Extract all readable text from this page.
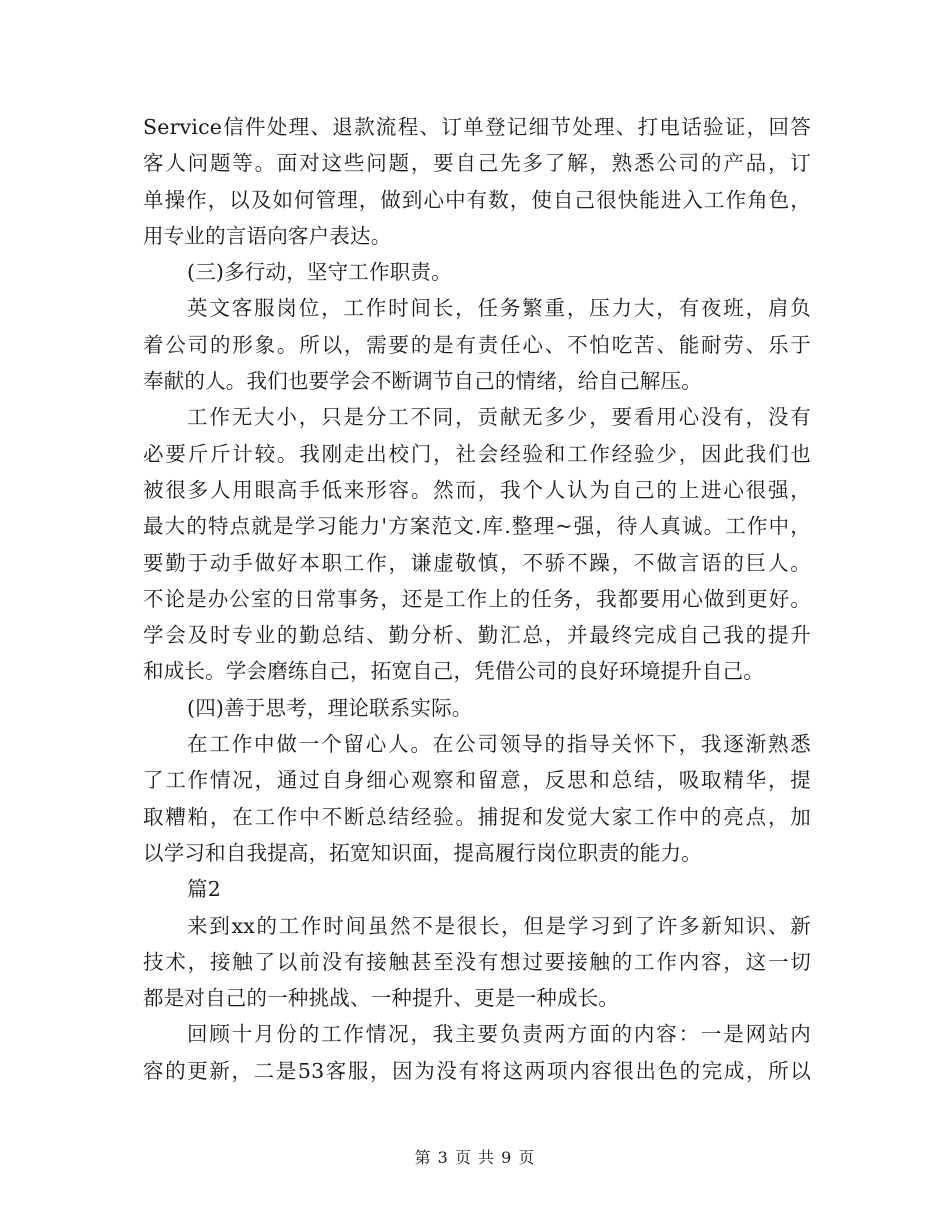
Service信件处理、退款流程、订单登记细节处理、打电话验证，回答
客人问题等。面对这些问题，要自己先多了解，熟悉公司的产品，订
单操作，以及如何管理，做到心中有数，使自己很快能进入工作角色，
用专业的言语向客户表达。
(三)多行动，坚守工作职责。
英文客服岗位，工作时间长，任务繁重，压力大，有夜班，肩负
着公司的形象。所以，需要的是有责任心、不怕吃苦、能耐劳、乐于
奉献的人。我们也要学会不断调节自己的情绪，给自己解压。
工作无大小，只是分工不同，贡献无多少，要看用心没有，没有
必要斤斤计较。我刚走出校门，社会经验和工作经验少，因此我们也
被很多人用眼高手低来形容。然而，我个人认为自己的上进心很强，
最大的特点就是学习能力'方案范文.库.整理~强，待人真诚。工作中，
要勤于动手做好本职工作，谦虚敬慎，不骄不躁，不做言语的巨人。
不论是办公室的日常事务，还是工作上的任务，我都要用心做到更好。
学会及时专业的勤总结、勤分析、勤汇总，并最终完成自己我的提升
和成长。学会磨练自己，拓宽自己，凭借公司的良好环境提升自己。
(四)善于思考，理论联系实际。
在工作中做一个留心人。在公司领导的指导关怀下，我逐渐熟悉
了工作情况，通过自身细心观察和留意，反思和总结，吸取精华，提
取糟粕，在工作中不断总结经验。捕捉和发觉大家工作中的亮点，加
以学习和自我提高，拓宽知识面，提高履行岗位职责的能力。
篇2
来到xx的工作时间虽然不是很长，但是学习到了许多新知识、新
技术，接触了以前没有接触甚至没有想过要接触的工作内容，这一切
都是对自己的一种挑战、一种提升、更是一种成长。
回顾十月份的工作情况，我主要负责两方面的内容：一是网站内
容的更新，二是53客服，因为没有将这两项内容很出色的完成，所以
第 3 页 共 9 页
